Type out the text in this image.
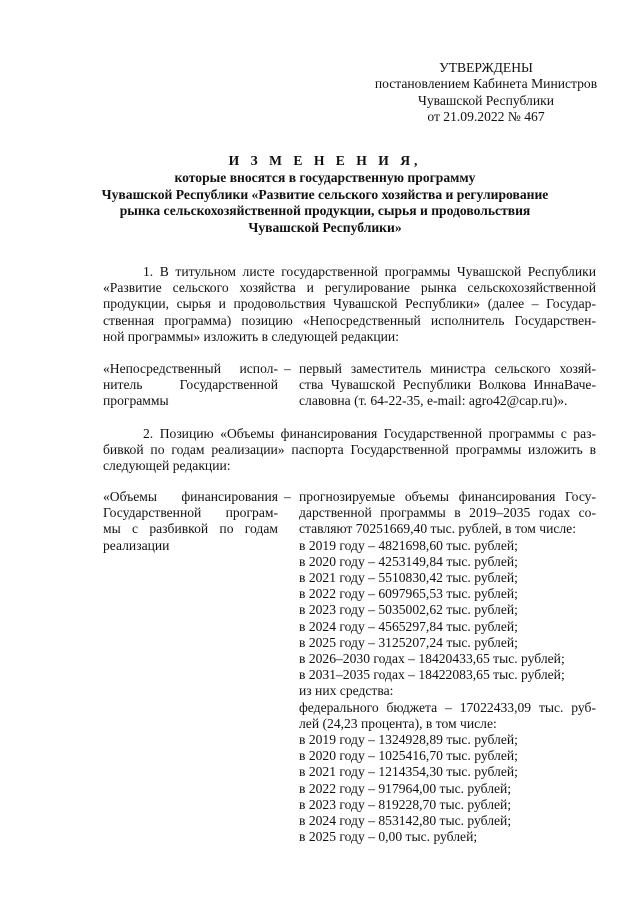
УТВЕРЖДЕНЫ
постановлением Кабинета Министров
Чувашской Республики
от 21.09.2022 № 467
И З М Е Н Е Н И Я,
которые вносятся в государственную программу
Чувашской Республики «Развитие сельского хозяйства и регулирование
рынка сельскохозяйственной продукции, сырья и продовольствия
Чувашской Республики»
1. В титульном листе государственной программы Чувашской Республики
«Развитие сельского хозяйства и регулирование рынка сельскохозяйственной
продукции, сырья и продовольствия Чувашской Республики» (далее – Государ-
ственная программа) позицию «Непосредственный исполнитель Государствен-
ной программы» изложить в следующей редакции:
«Непосредственный испол-
нитель Государственной
программы
– первый заместитель министра сельского хозяй-
ства Чувашской Республики Волкова ИннаВаче-
славовна (т. 64-22-35, e-mail: agro42@cap.ru)».
2. Позицию «Объемы финансирования Государственной программы с раз-
бивкой по годам реализации» паспорта Государственной программы изложить в
следующей редакции:
«Объемы финансирования
Государственной програм-
мы с разбивкой по годам
реализации
– прогнозируемые объемы финансирования Госу-
дарственной программы в 2019–2035 годах со-
ставляют 70251669,40 тыс. рублей, в том числе:
в 2019 году – 4821698,60 тыс. рублей;
в 2020 году – 4253149,84 тыс. рублей;
в 2021 году – 5510830,42 тыс. рублей;
в 2022 году – 6097965,53 тыс. рублей;
в 2023 году – 5035002,62 тыс. рублей;
в 2024 году – 4565297,84 тыс. рублей;
в 2025 году – 3125207,24 тыс. рублей;
в 2026–2030 годах – 18420433,65 тыс. рублей;
в 2031–2035 годах – 18422083,65 тыс. рублей;
из них средства:
федерального бюджета – 17022433,09 тыс. руб-
лей (24,23 процента), в том числе:
в 2019 году – 1324928,89 тыс. рублей;
в 2020 году – 1025416,70 тыс. рублей;
в 2021 году – 1214354,30 тыс. рублей;
в 2022 году – 917964,00 тыс. рублей;
в 2023 году – 819228,70 тыс. рублей;
в 2024 году – 853142,80 тыс. рублей;
в 2025 году – 0,00 тыс. рублей;
